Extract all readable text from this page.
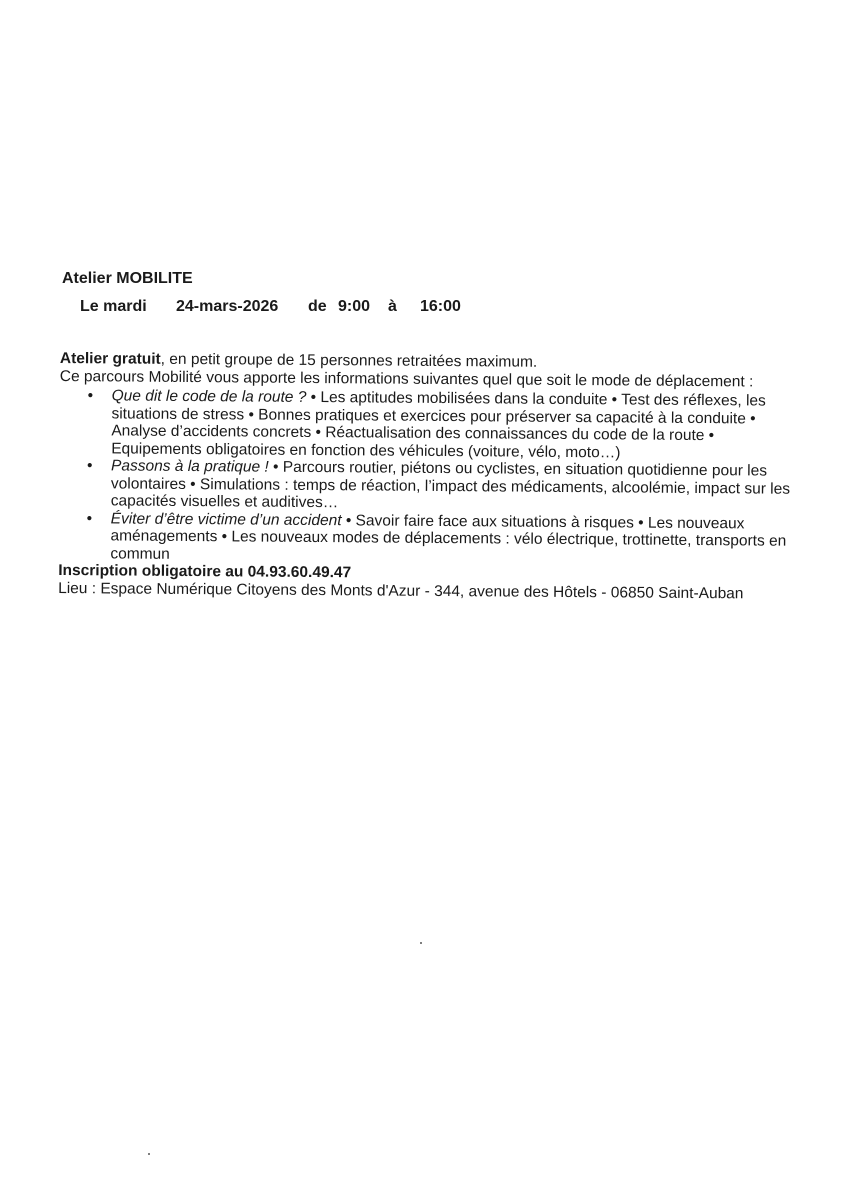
Atelier MOBILITE
Le mardi 24-mars-2026 de 9:00 à 16:00

Atelier gratuit, en petit groupe de 15 personnes retraitées maximum.

Ce parcours Mobilité vous apporte les informations suivantes quel que soit le mode de déplacement :

• Que dit le code de la route ? • Les aptitudes mobilisées dans la conduite • Test des réflexes, les situations de stress • Bonnes pratiques et exercices pour préserver sa capacité à la conduite • Analyse d’accidents concrets • Réactualisation des connaissances du code de la route • Equipements obligatoires en fonction des véhicules (voiture, vélo, moto…)
• Passons à la pratique ! • Parcours routier, piétons ou cyclistes, en situation quotidienne pour les volontaires • Simulations : temps de réaction, l’impact des médicaments, alcoolémie, impact sur les capacités visuelles et auditives…
• Éviter d’être victime d’un accident • Savoir faire face aux situations à risques • Les nouveaux aménagements • Les nouveaux modes de déplacements : vélo électrique, trottinette, transports en commun

Inscription obligatoire au 04.93.60.49.47

Lieu : Espace Numérique Citoyens des Monts d'Azur - 344, avenue des Hôtels - 06850 Saint-Auban
